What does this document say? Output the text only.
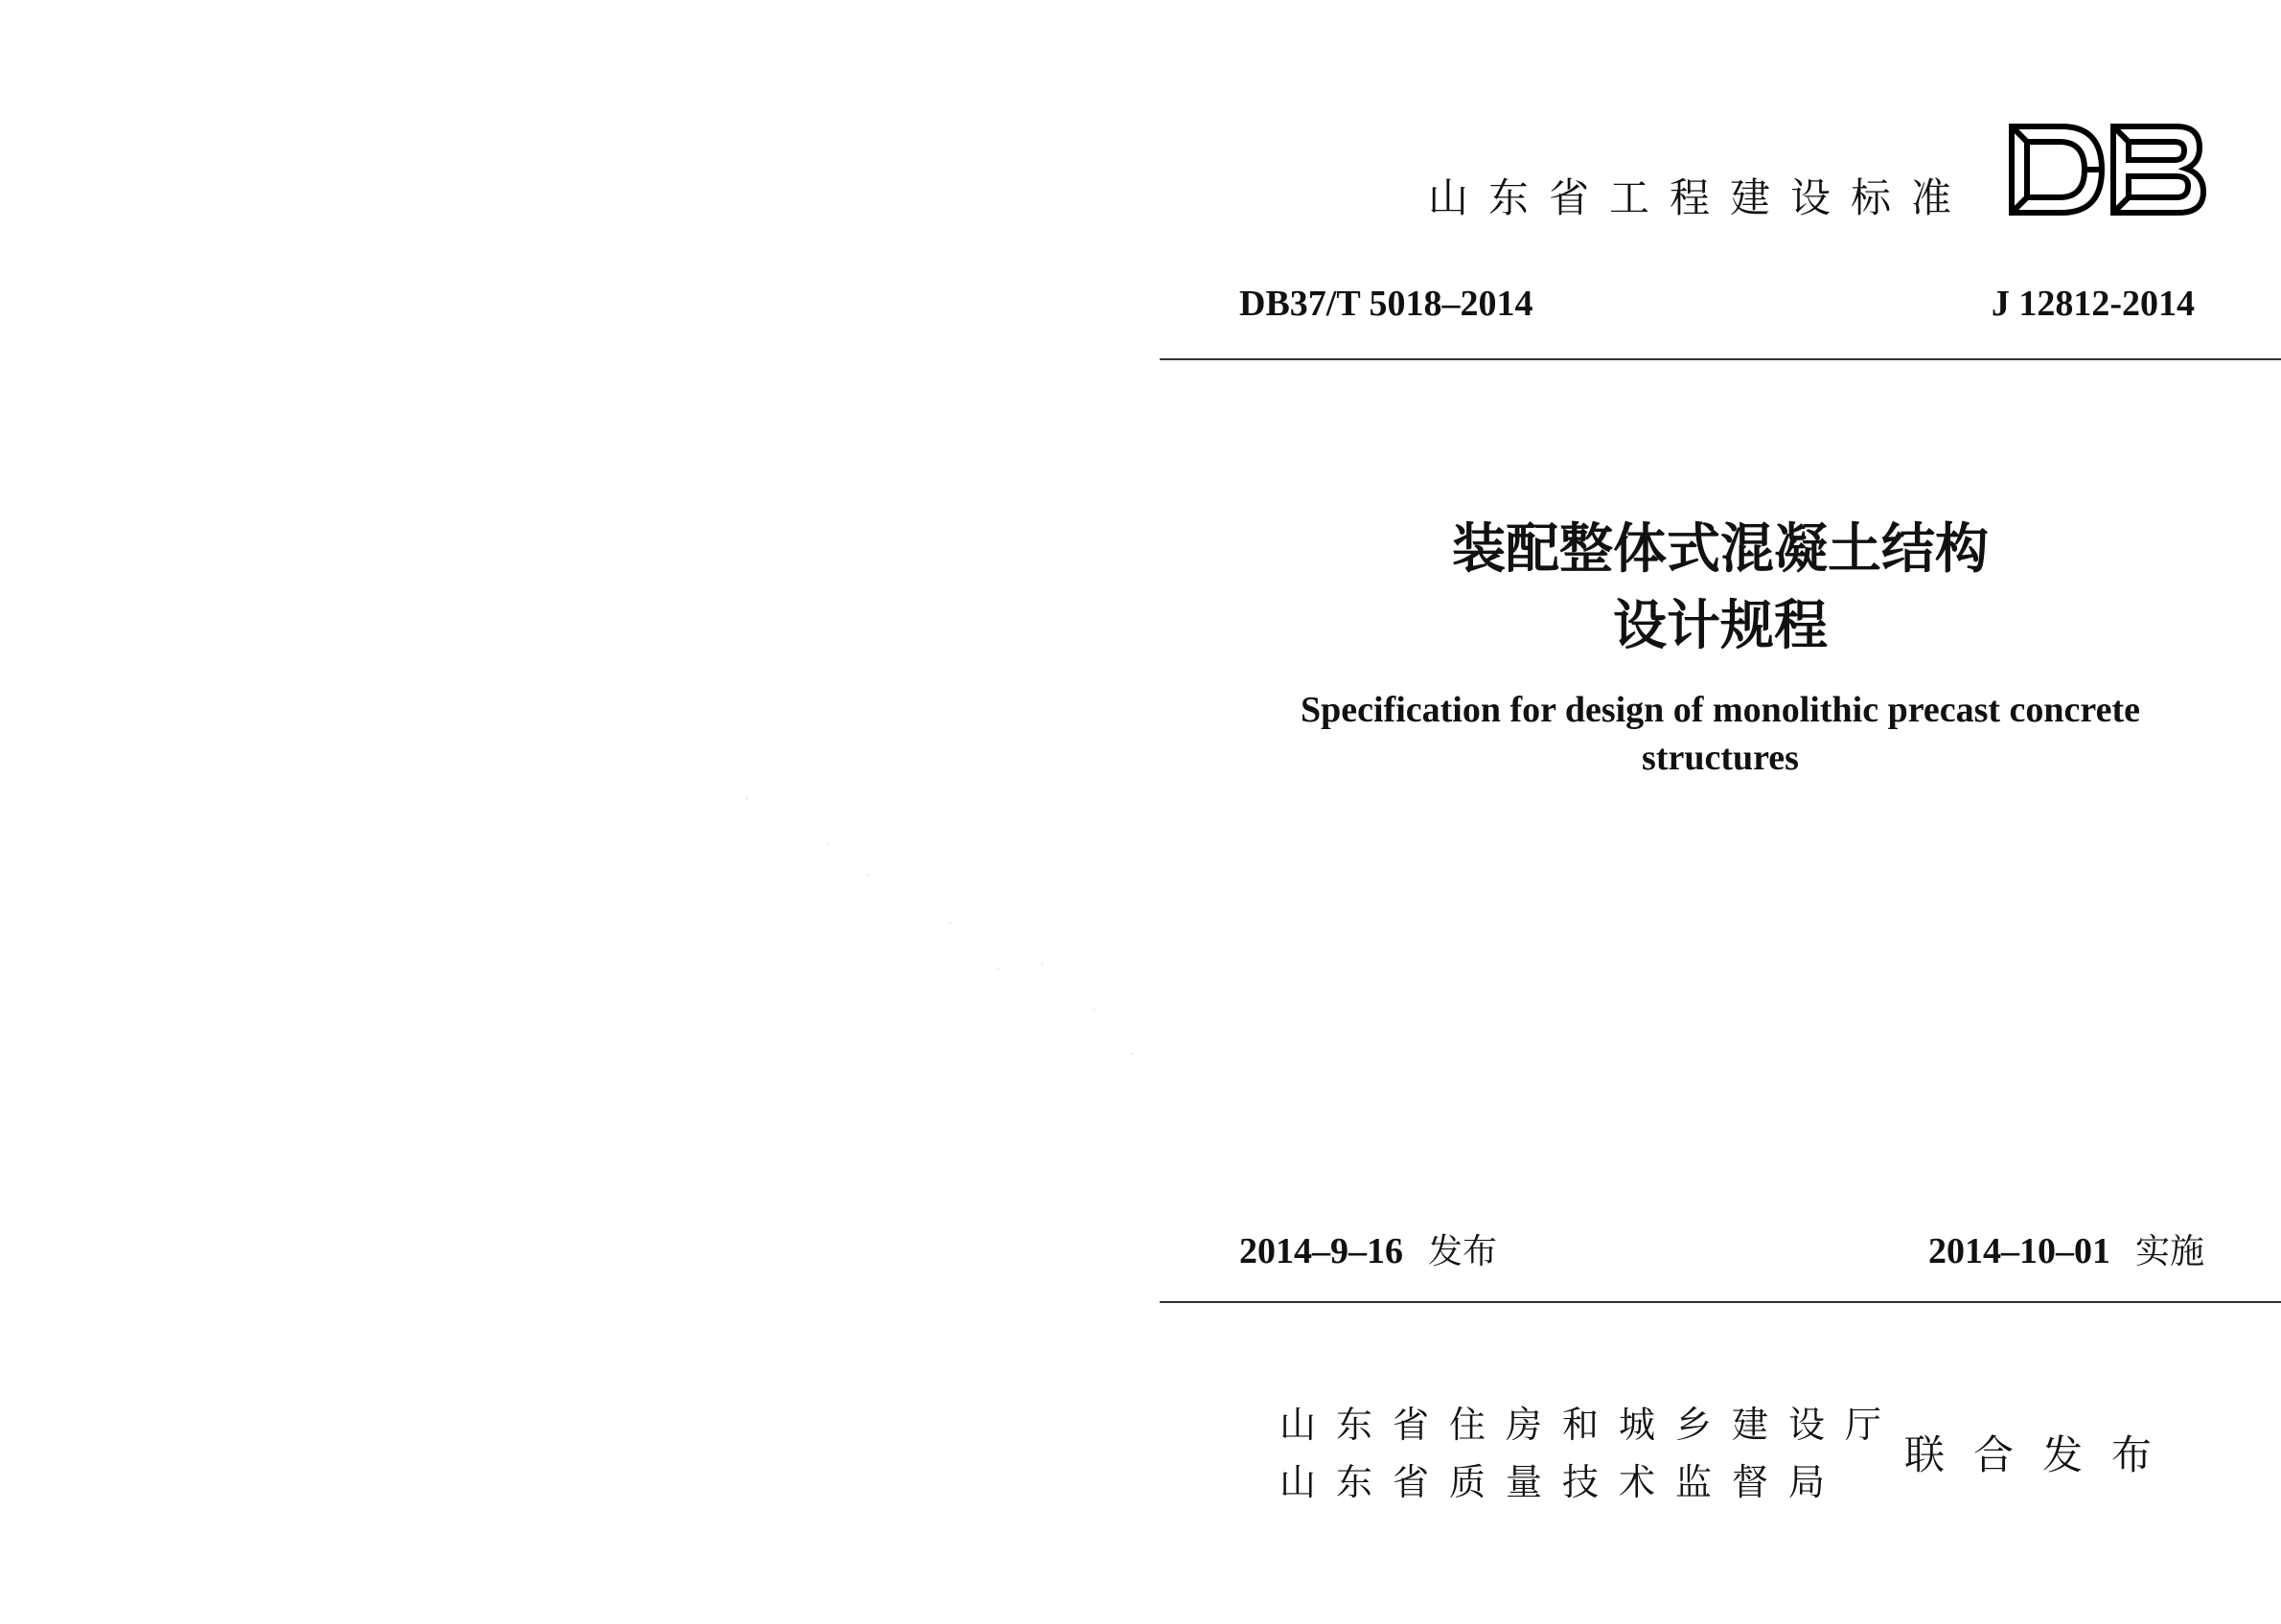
山东省工程建设标准
DB37/T 5018–2014	J 12812-2014
装配整体式混凝土结构
设计规程
Specification for design of monolithic precast concrete
structures
2014–9–16 发布	2014–10–01 实施
山东省住房和城乡建设厅
山东省质量技术监督局
联合发布
